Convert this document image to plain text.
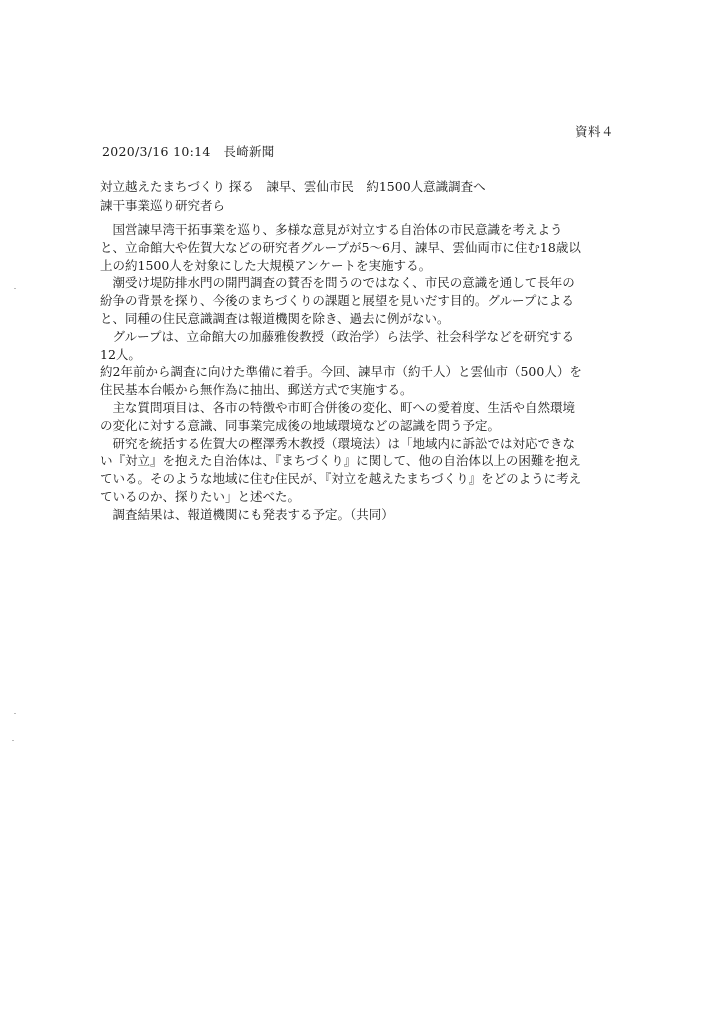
資料４
2020/3/16 10:14　長崎新聞
対立越えたまちづくり 探る　諫早、雲仙市民　約1500人意識調査へ
諫干事業巡り研究者ら
　国営諫早湾干拓事業を巡り、多様な意見が対立する自治体の市民意識を考えよう
と、立命館大や佐賀大などの研究者グループが5～6月、諫早、雲仙両市に住む18歳以
上の約1500人を対象にした大規模アンケートを実施する。
　潮受け堤防排水門の開門調査の賛否を問うのではなく、市民の意識を通して長年の
紛争の背景を探り、今後のまちづくりの課題と展望を見いだす目的。グループによる
と、同種の住民意識調査は報道機関を除き、過去に例がない。
　グループは、立命館大の加藤雅俊教授（政治学）ら法学、社会科学などを研究する
12人。
約2年前から調査に向けた準備に着手。今回、諫早市（約千人）と雲仙市（500人）を
住民基本台帳から無作為に抽出、郵送方式で実施する。
　主な質問項目は、各市の特徴や市町合併後の変化、町への愛着度、生活や自然環境
の変化に対する意識、同事業完成後の地域環境などの認識を問う予定。
　研究を統括する佐賀大の樫澤秀木教授（環境法）は「地域内に訴訟では対応できな
い『対立』を抱えた自治体は、『まちづくり』に関して、他の自治体以上の困難を抱え
ている。そのような地域に住む住民が、『対立を越えたまちづくり』をどのように考え
ているのか、探りたい」と述べた。
　調査結果は、報道機関にも発表する予定。（共同）
